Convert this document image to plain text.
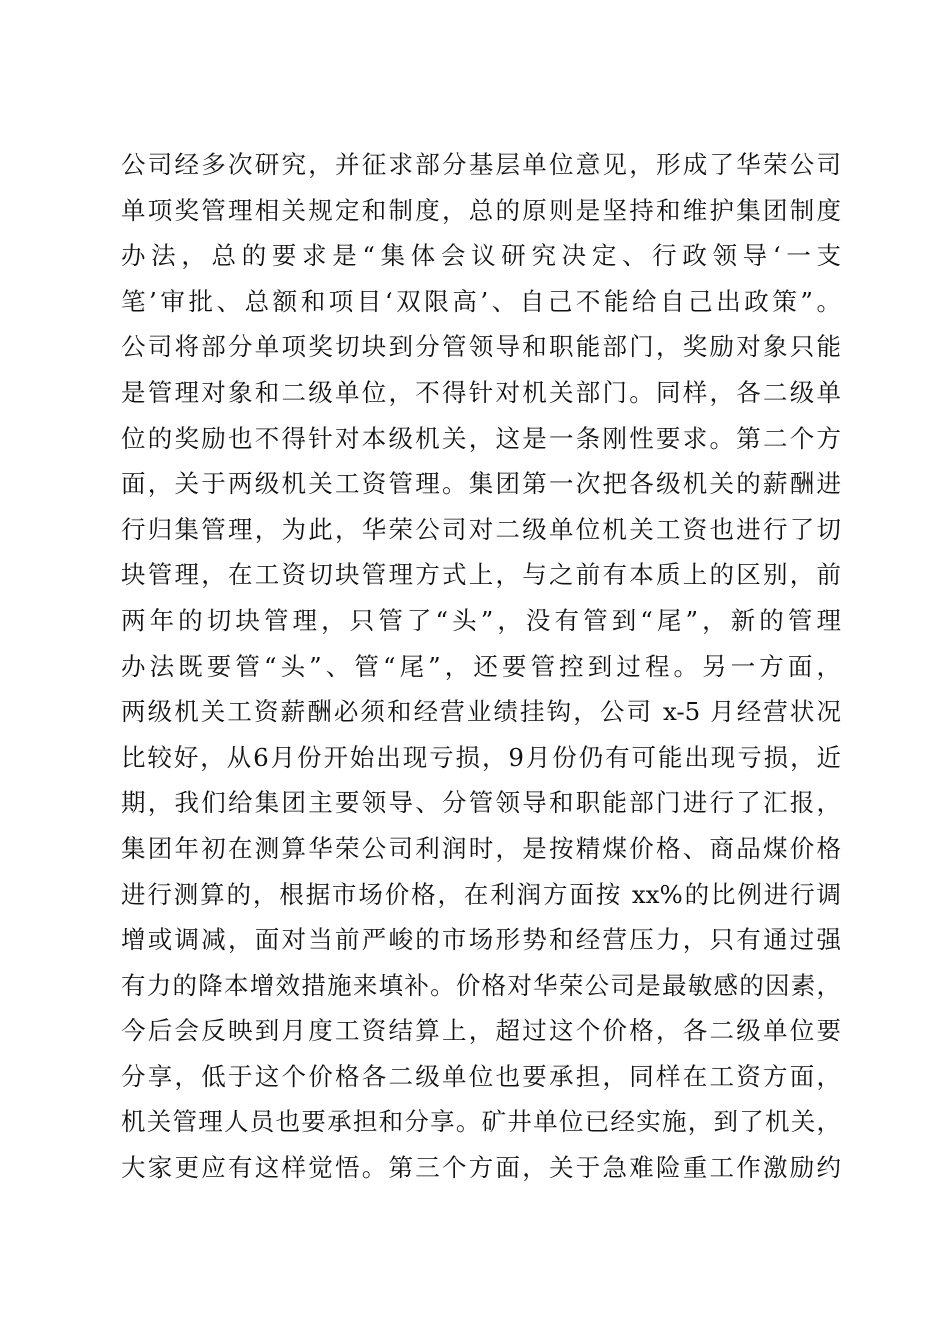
公司经多次研究，并征求部分基层单位意见，形成了华荣公司
单项奖管理相关规定和制度，总的原则是坚持和维护集团制度
办法，总的要求是“集体会议研究决定、行政领导‘一支
笔’审批、总额和项目‘双限高’、自己不能给自己出政策”。
公司将部分单项奖切块到分管领导和职能部门，奖励对象只能
是管理对象和二级单位，不得针对机关部门。同样，各二级单
位的奖励也不得针对本级机关，这是一条刚性要求。第二个方
面，关于两级机关工资管理。集团第一次把各级机关的薪酬进
行归集管理，为此，华荣公司对二级单位机关工资也进行了切
块管理，在工资切块管理方式上，与之前有本质上的区别，前
两年的切块管理，只管了“头”，没有管到“尾”，新的管理
办法既要管“头”、管“尾”，还要管控到过程。另一方面，
两级机关工资薪酬必须和经营业绩挂钩，公司 x-5 月经营状况
比较好，从6月份开始出现亏损，9月份仍有可能出现亏损，近
期，我们给集团主要领导、分管领导和职能部门进行了汇报，
集团年初在测算华荣公司利润时，是按精煤价格、商品煤价格
进行测算的，根据市场价格，在利润方面按 xx%的比例进行调
增或调减，面对当前严峻的市场形势和经营压力，只有通过强
有力的降本增效措施来填补。价格对华荣公司是最敏感的因素，
今后会反映到月度工资结算上，超过这个价格，各二级单位要
分享，低于这个价格各二级单位也要承担，同样在工资方面，
机关管理人员也要承担和分享。矿井单位已经实施，到了机关，
大家更应有这样觉悟。第三个方面，关于急难险重工作激励约
